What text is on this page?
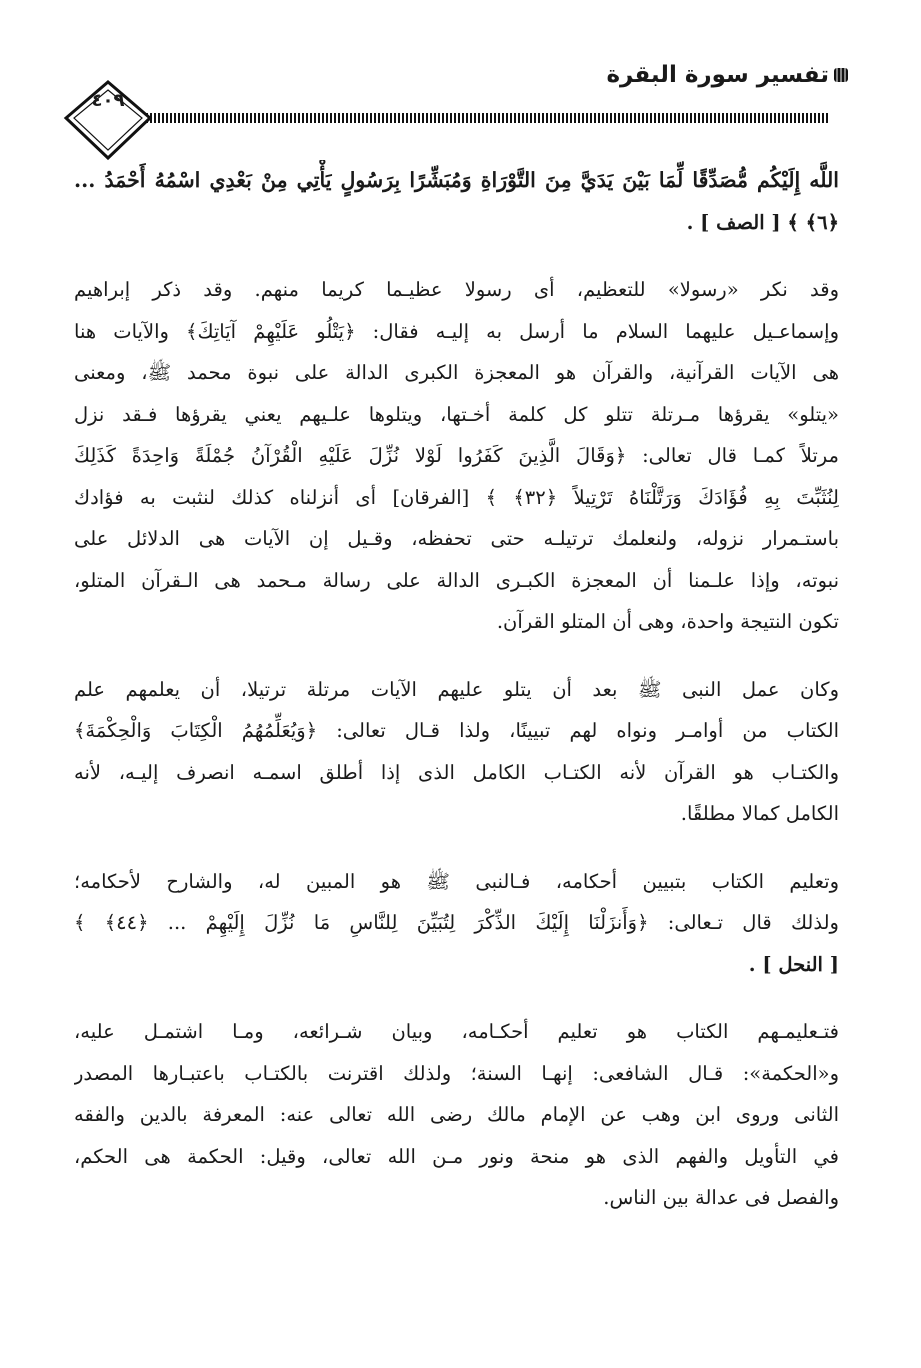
تفسير سورة البقرة
٤٠٩
اللَّه إِلَيْكُم مُّصَدِّقًا لِّمَا بَيْنَ يَدَيَّ مِنَ التَّوْرَاةِ وَمُبَشِّرًا بِرَسُولٍ يَأْتِي مِنْ بَعْدِي اسْمُهُ أَحْمَدُ ...
﴿٦﴾ ﴾ [ الصف ] .
وقد نكر «رسولا» للتعظيم، أى رسولا عظيـما كريما منهم. وقد ذكر إبراهيم
وإسماعـيل عليهما السلام ما أرسل به إليـه فقال: ﴿يَتْلُو عَلَيْهِمْ آيَاتِكَ﴾ والآيات هنا
هى الآيات القرآنية، والقرآن هو المعجزة الكبرى الدالة على نبوة محمد ﷺ، ومعنى
«يتلو» يقرؤها مـرتلة تتلو كل كلمة أخـتها، ويتلوها علـيهم يعني يقرؤها فـقد نزل
مرتلاً كمـا قال تعالى: ﴿وَقَالَ الَّذِينَ كَفَرُوا لَوْلا نُزِّلَ عَلَيْهِ الْقُرْآنُ جُمْلَةً وَاحِدَةً كَذَلِكَ
لِنُثَبِّتَ بِهِ فُؤَادَكَ وَرَتَّلْنَاهُ تَرْتِيلاً ﴿٣٢﴾ ﴾ [الفرقان] أى أنزلناه كذلك لنثبت به فؤادك
باستـمرار نزوله، ولنعلمك ترتيلـه حتى تحفظه، وقـيل إن الآيات هى الدلائل على
نبوته، وإذا علـمنا أن المعجزة الكبـرى الدالة على رسالة مـحمد هى الـقرآن المتلو،
تكون النتيجة واحدة، وهى أن المتلو القرآن.
وكان عمل النبى ﷺ بعد أن يتلو عليهم الآيات مرتلة ترتيلا، أن يعلمهم علم
الكتاب من أوامـر ونواه لهم تبيينًا، ولذا قـال تعالى: ﴿وَيُعَلِّمُهُمُ الْكِتَابَ وَالْحِكْمَةَ﴾
والكتـاب هو القرآن لأنه الكتـاب الكامل الذى إذا أطلق اسمـه انصرف إليـه، لأنه
الكامل كمالا مطلقًا.
وتعليم الكتاب بتبيين أحكامه، فـالنبى ﷺ هو المبين له، والشارح لأحكامه؛
ولذلك قال تـعالى: ﴿وَأَنزَلْنَا إِلَيْكَ الذِّكْرَ لِتُبَيِّنَ لِلنَّاسِ مَا نُزِّلَ إِلَيْهِمْ ... ﴿٤٤﴾ ﴾
[ النحل ] .
فتـعليمـهم الكتاب هو تعليم أحكـامه، وبيان شـرائعه، ومـا اشتمـل عليه،
و«الحكمة»: قـال الشافعى: إنهـا السنة؛ ولذلك اقترنت بالكتـاب باعتبـارها المصدر
الثانى وروى ابن وهب عن الإمام مالك رضى الله تعالى عنه: المعرفة بالدين والفقه
في التأويل والفهم الذى هو منحة ونور مـن الله تعالى، وقيل: الحكمة هى الحكم،
والفصل فى عدالة بين الناس.
